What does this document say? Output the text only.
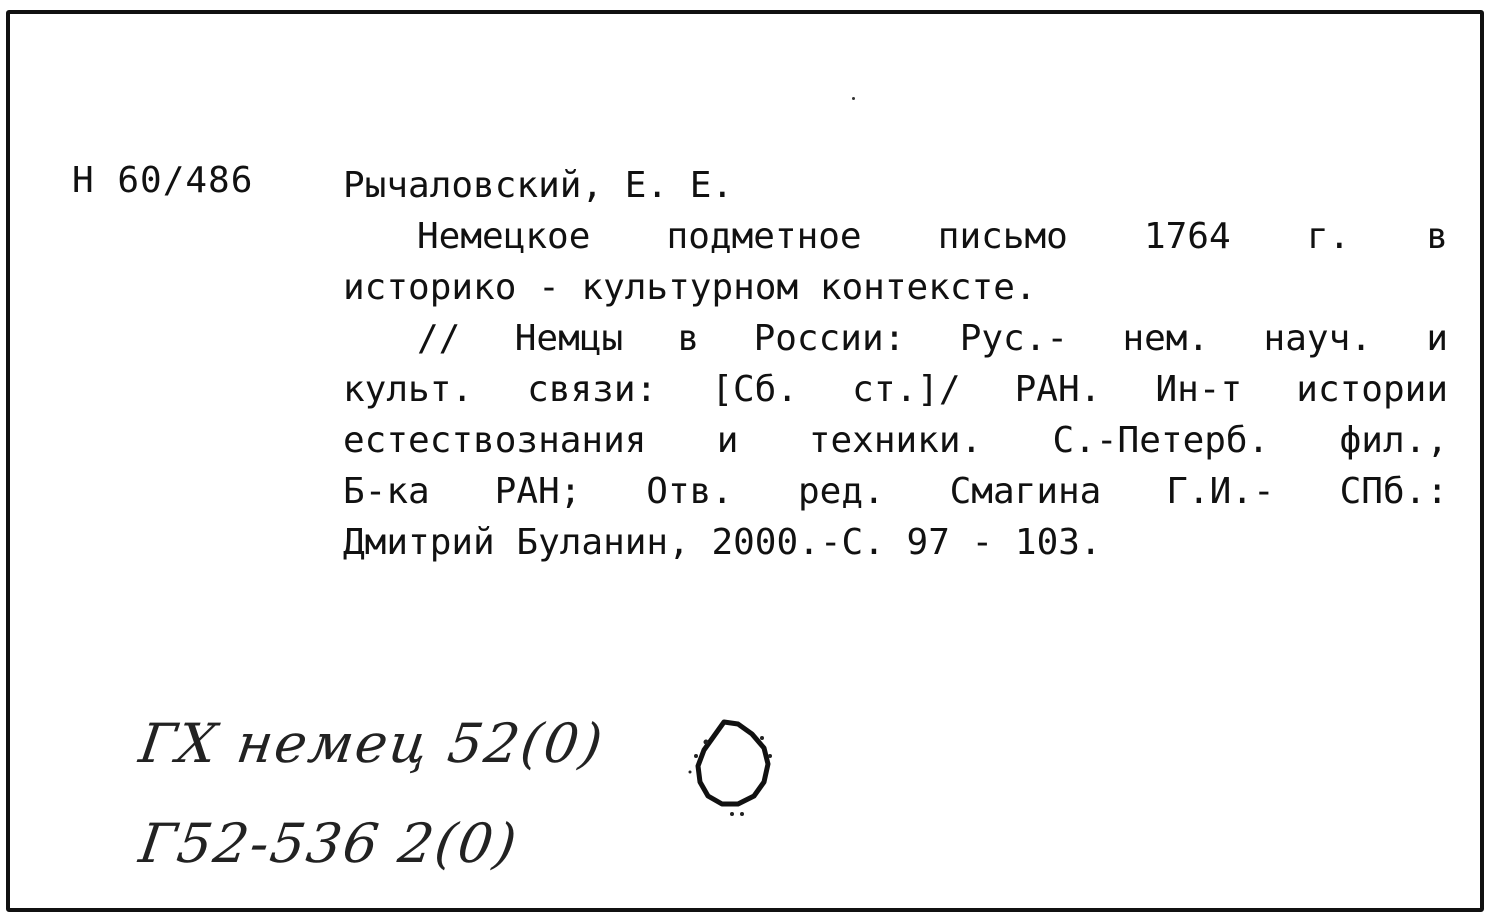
Н 60/486 Рычаловский, Е. Е.
Немецкое подметное письмо 1764 г. в
историко - культурном контексте.
// Немцы в России: Рус.- нем. науч. и
культ. связи: [Сб. ст.]/ РАН. Ин-т истории
естествознания и техники. С.-Петерб. фил.,
Б-ка РАН; Отв. ред. Смагина Г.И.- СПб.:
Дмитрий Буланин, 2000.-С. 97 - 103.
ГХ немец 52(0)
Г52-536 2(0)
